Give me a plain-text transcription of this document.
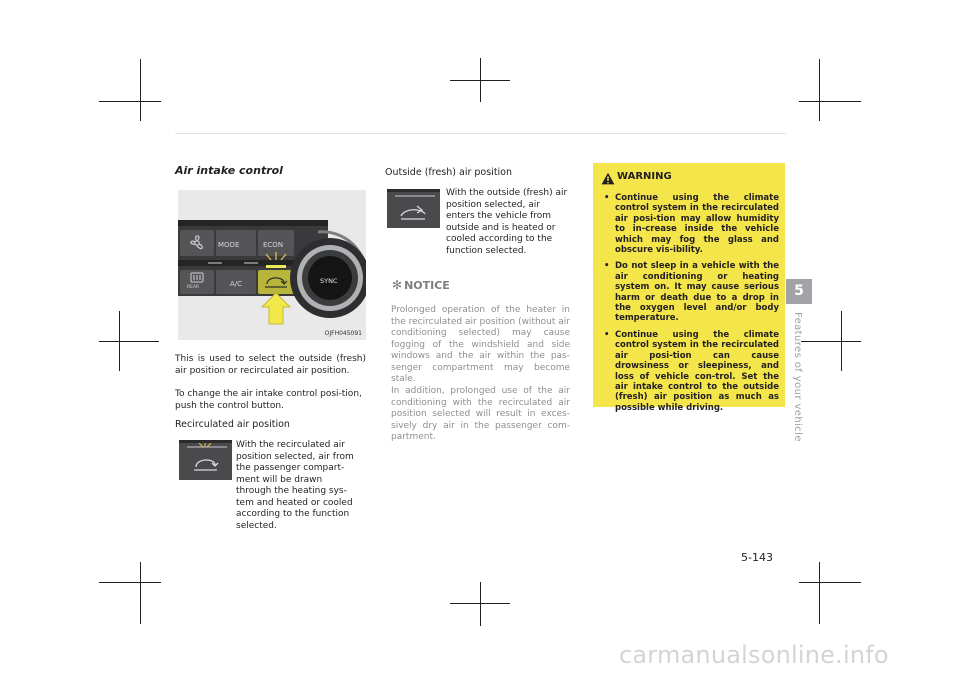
Air intake control
MODE	ECON
REAR	A/C	SYNC
OJFH045091
This is used to select the outside (fresh) air position or recirculated air position.
To change the air intake control posi-tion, push the control button.
Recirculated air position
With the recirculated air position selected, air from the passenger compart-ment will be drawn through the heating sys-tem and heated or cooled according to the function selected.
Outside (fresh) air position
With the outside (fresh) air position selected, air enters the vehicle from outside and is heated or cooled according to the function selected.
✻ NOTICE
Prolonged operation of the heater in the recirculated air position (without air conditioning selected) may cause fogging of the windshield and side windows and the air within the pas-senger compartment may become stale.
In addition, prolonged use of the air conditioning with the recirculated air position selected will result in exces-sively dry air in the passenger com-partment.
WARNING
• Continue using the climate control system in the recirculated air posi-tion may allow humidity to in-crease inside the vehicle which may fog the glass and obscure vis-ibility.
• Do not sleep in a vehicle with the air conditioning or heating system on. It may cause serious harm or death due to a drop in the oxygen level and/or body temperature.
• Continue using the climate control system in the recirculated air posi-tion can cause drowsiness or sleepiness, and loss of vehicle con-trol. Set the air intake control to the outside (fresh) air position as much as possible while driving.
5
Features of your vehicle
5-143
carmanualsonline.info
